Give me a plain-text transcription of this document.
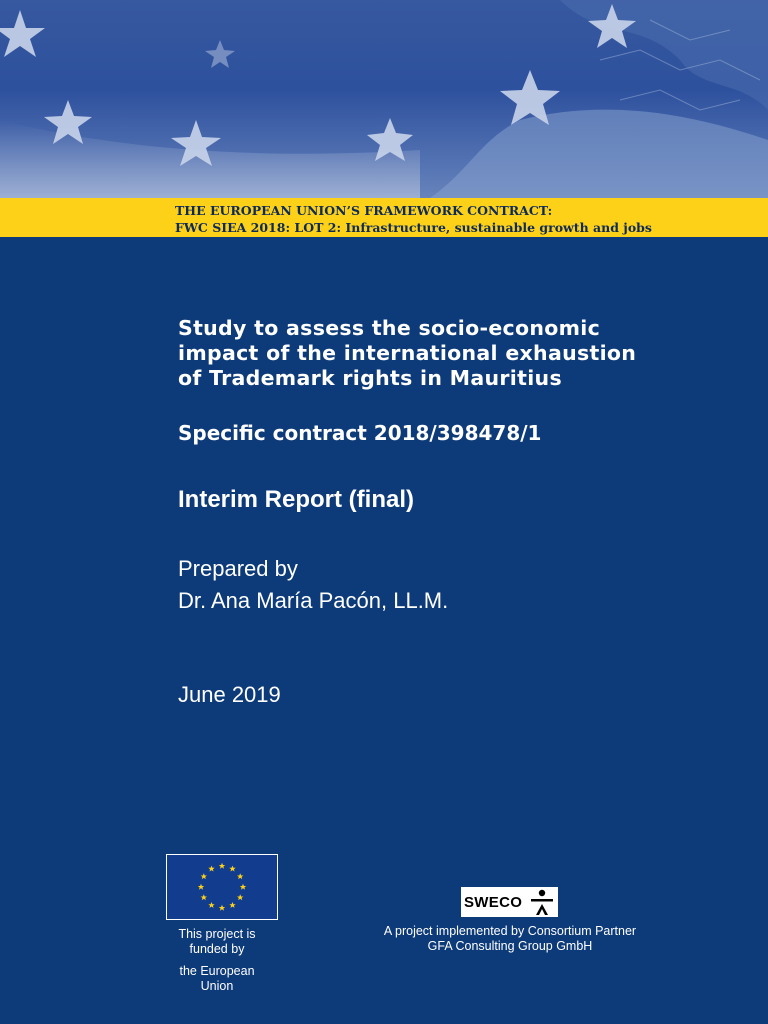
THE EUROPEAN UNION’S FRAMEWORK CONTRACT:
FWC SIEA 2018: LOT 2: Infrastructure, sustainable growth and jobs
Study to assess the socio-economic
impact of the international exhaustion
of Trademark rights in Mauritius
Specific contract 2018/398478/1
Interim Report (final)
Prepared by
Dr. Ana María Pacón, LL.M.
June 2019
This project is
funded by
the European
Union
SWECO
A project implemented by Consortium Partner
GFA Consulting Group GmbH
